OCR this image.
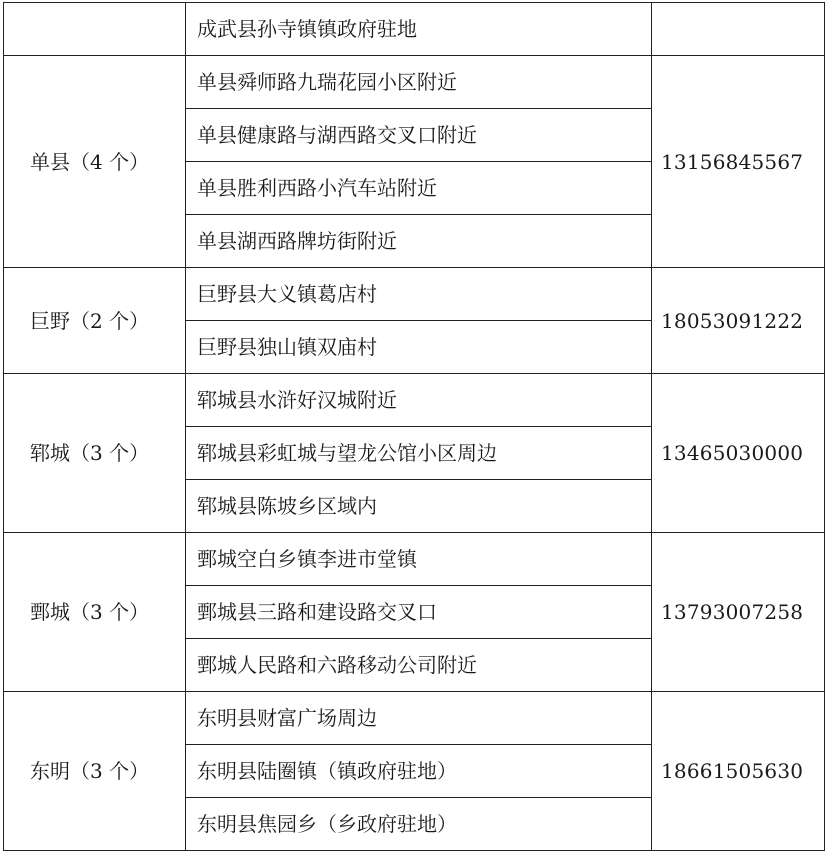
	成武县孙寺镇镇政府驻地	
单县（4 个）	单县舜师路九瑞花园小区附近	13156845567
	单县健康路与湖西路交叉口附近	
	单县胜利西路小汽车站附近	
	单县湖西路牌坊街附近	
巨野（2 个）	巨野县大义镇葛店村	18053091222
	巨野县独山镇双庙村	
郓城（3 个）	郓城县水浒好汉城附近	13465030000
	郓城县彩虹城与望龙公馆小区周边	
	郓城县陈坡乡区域内	
鄄城（3 个）	鄄城空白乡镇李进市堂镇	13793007258
	鄄城县三路和建设路交叉口	
	鄄城人民路和六路移动公司附近	
东明（3 个）	东明县财富广场周边	18661505630
	东明县陆圈镇（镇政府驻地）	
	东明县焦园乡（乡政府驻地）	
